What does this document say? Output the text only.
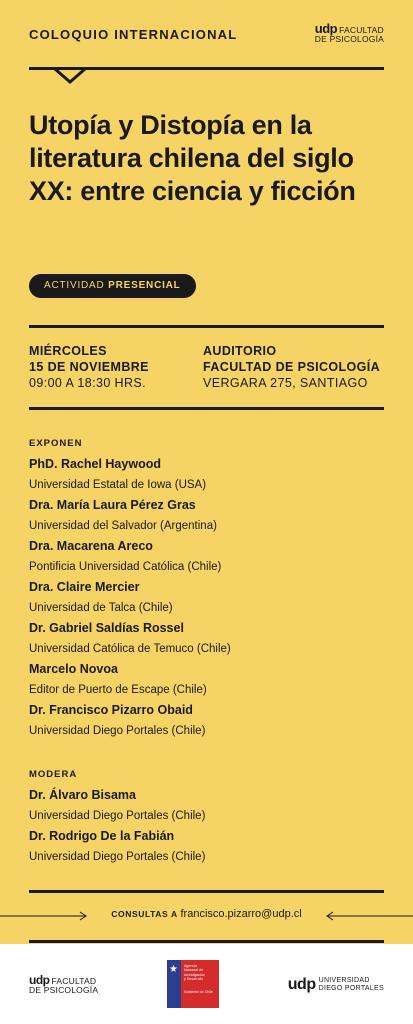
COLOQUIO INTERNACIONAL	udp FACULTAD
DE PSICOLOGÍA
Utopía y Distopía en la literatura chilena del siglo XX: entre ciencia y ficción
ACTIVIDAD PRESENCIAL
MIÉRCOLES
15 DE NOVIEMBRE
09:00 A 18:30 HRS.
AUDITORIO
FACULTAD DE PSICOLOGÍA
VERGARA 275, SANTIAGO
EXPONEN
PhD. Rachel Haywood
Universidad Estatal de Iowa (USA)
Dra. María Laura Pérez Gras
Universidad del Salvador (Argentina)
Dra. Macarena Areco
Pontificia Universidad Católica (Chile)
Dra. Claire Mercier
Universidad de Talca (Chile)
Dr. Gabriel Saldías Rossel
Universidad Católica de Temuco (Chile)
Marcelo Novoa
Editor de Puerto de Escape (Chile)
Dr. Francisco Pizarro Obaid
Universidad Diego Portales (Chile)
MODERA
Dr. Álvaro Bisama
Universidad Diego Portales (Chile)
Dr. Rodrigo De la Fabián
Universidad Diego Portales (Chile)
CONSULTAS A francisco.pizarro@udp.cl
udp FACULTAD
DE PSICOLOGÍA
★ Agencia
Nacional de
Investigación
y Desarrollo
Gobierno de Chile	udp UNIVERSIDAD
DIEGO PORTALES
